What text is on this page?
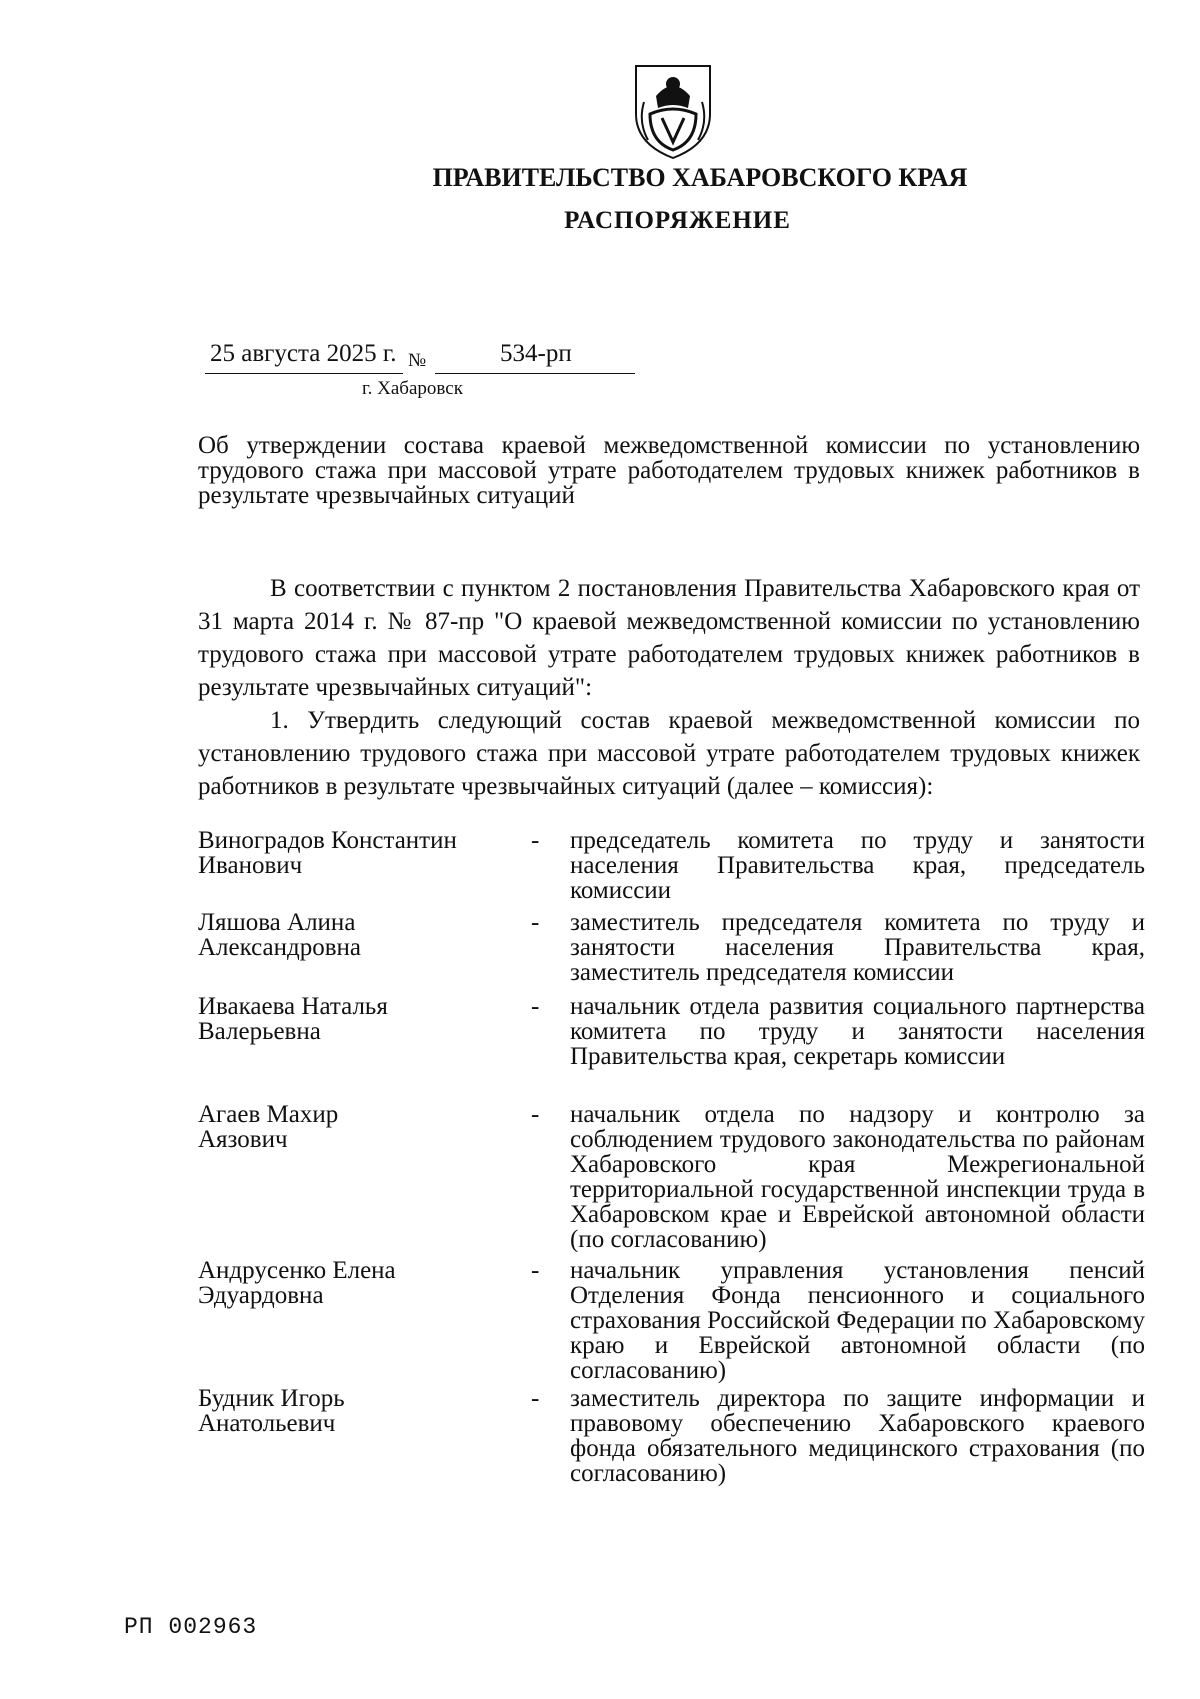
ПРАВИТЕЛЬСТВО ХАБАРОВСКОГО КРАЯ
РАСПОРЯЖЕНИЕ
25 августа 2025 г. №	534-рп
г. Хабаровск
Об утверждении состава краевой межведомственной комиссии по установлению трудового стажа при массовой утрате работодателем трудовых книжек работников в результате чрезвычайных ситуаций

В соответствии с пунктом 2 постановления Правительства Хабаровского края от 31 марта 2014 г. № 87-пр "О краевой межведомственной комиссии по установлению трудового стажа при массовой утрате работодателем трудовых книжек работников в результате чрезвычайных ситуаций":

1. Утвердить следующий состав краевой межведомственной комиссии по установлению трудового стажа при массовой утрате работодателем трудовых книжек работников в результате чрезвычайных ситуаций (далее – комиссия):

Виноградов Константин
Иванович
- председатель комитета по труду и занятости населения Правительства края, председатель комиссии
Ляшова Алина
Александровна
- заместитель председателя комитета по труду и занятости населения Правительства края, заместитель председателя комиссии
Ивакаева Наталья
Валерьевна
- начальник отдела развития социального партнерства комитета по труду и занятости населения Правительства края, секретарь комиссии
Агаев Махир
Аязович
- начальник отдела по надзору и контролю за соблюдением трудового законодательства по районам Хабаровского края Межрегиональной территориальной государственной инспекции труда в Хабаровском крае и Еврейской автономной области (по согласованию)
Андрусенко Елена
Эдуардовна
- начальник управления установления пенсий Отделения Фонда пенсионного и социального страхования Российской Федерации по Хабаровскому краю и Еврейской автономной области (по согласованию)
Будник Игорь
Анатольевич
- заместитель директора по защите информации и правовому обеспечению Хабаровского краевого фонда обязательного медицинского страхования (по согласованию)
РП 002963
